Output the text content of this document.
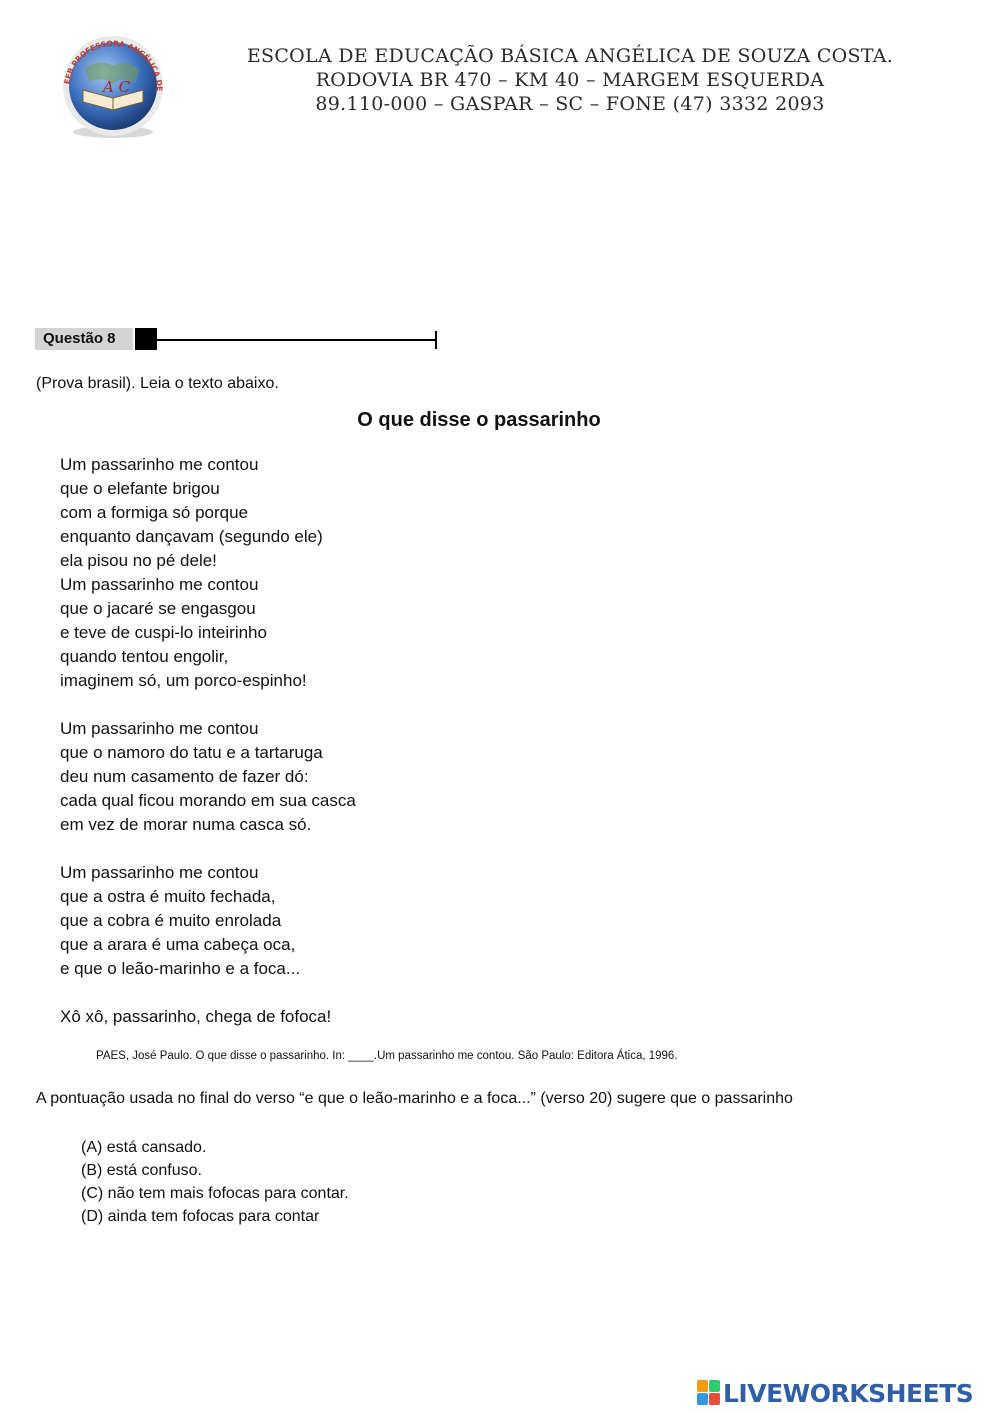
A C
EEB PROFESSORA ANGÉLICA DE
ESCOLA DE EDUCAÇÃO BÁSICA ANGÉLICA DE SOUZA COSTA.
RODOVIA BR 470 – KM 40 – MARGEM ESQUERDA
89.110-000 – GASPAR – SC – FONE (47) 3332 2093
Questão 8
(Prova brasil). Leia o texto abaixo.
O que disse o passarinho
Um passarinho me contou
que o elefante brigou
com a formiga só porque
enquanto dançavam (segundo ele)
ela pisou no pé dele!
Um passarinho me contou
que o jacaré se engasgou
e teve de cuspi-lo inteirinho
quando tentou engolir,
imaginem só, um porco-espinho!
Um passarinho me contou
que o namoro do tatu e a tartaruga
deu num casamento de fazer dó:
cada qual ficou morando em sua casca
em vez de morar numa casca só.
Um passarinho me contou
que a ostra é muito fechada,
que a cobra é muito enrolada
que a arara é uma cabeça oca,
e que o leão-marinho e a foca...
Xô xô, passarinho, chega de fofoca!
PAES, José Paulo. O que disse o passarinho. In: ____.Um passarinho me contou. São Paulo: Editora Ática, 1996.
A pontuação usada no final do verso “e que o leão-marinho e a foca...” (verso 20) sugere que o passarinho
(A) está cansado.
(B) está confuso.
(C) não tem mais fofocas para contar.
(D) ainda tem fofocas para contar
LIVEWORKSHEETS
